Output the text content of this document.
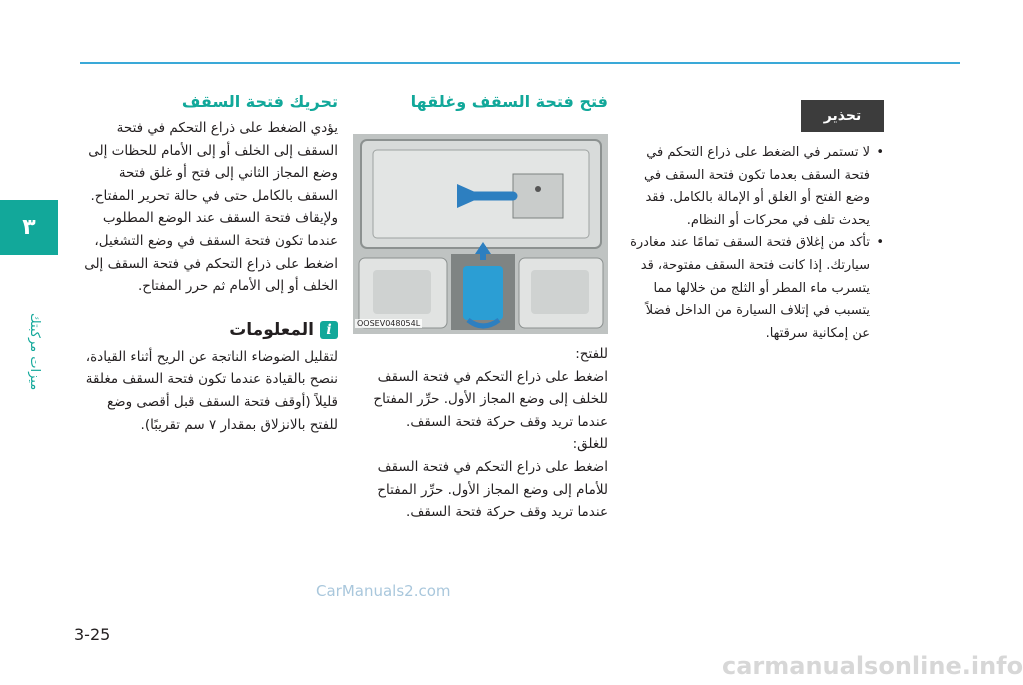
٣
ميزات مركبتك
تحذير
• لا تستمر في الضغط على ذراع التحكم في فتحة السقف بعدما تكون فتحة السقف في وضع الفتح أو الغلق أو الإمالة بالكامل. فقد يحدث تلف في محركات أو النظام.
• تأكد من إغلاق فتحة السقف تمامًا عند مغادرة سيارتك. إذا كانت فتحة السقف مفتوحة، قد يتسرب ماء المطر أو الثلج من خلالها مما يتسبب في إتلاف السيارة من الداخل فضلاً عن إمكانية سرقتها.
فتح فتحة السقف وغلقها
OOSEV048054L

للفتح:

اضغط على ذراع التحكم في فتحة السقف للخلف إلى وضع المجاز الأول. حرِّر المفتاح عندما تريد وقف حركة فتحة السقف.

للغلق:

اضغط على ذراع التحكم في فتحة السقف للأمام إلى وضع المجاز الأول. حرِّر المفتاح عندما تريد وقف حركة فتحة السقف.

تحريك فتحة السقف

يؤدي الضغط على ذراع التحكم في فتحة السقف إلى الخلف أو إلى الأمام للحظات إلى وضع المجاز الثاني إلى فتح أو غلق فتحة السقف بالكامل حتى في حالة تحرير المفتاح. ولإيقاف فتحة السقف عند الوضع المطلوب عندما تكون فتحة السقف في وضع التشغيل، اضغط على ذراع التحكم في فتحة السقف إلى الخلف أو إلى الأمام ثم حرر المفتاح.

i
المعلومات

لتقليل الضوضاء الناتجة عن الريح أثناء القيادة، ننصح بالقيادة عندما تكون فتحة السقف مغلقة قليلاً (أوقف فتحة السقف قبل أقصى وضع للفتح بالانزلاق بمقدار ٧ سم تقريبًا).

CarManuals2.com
carmanualsonline.info
3-25
